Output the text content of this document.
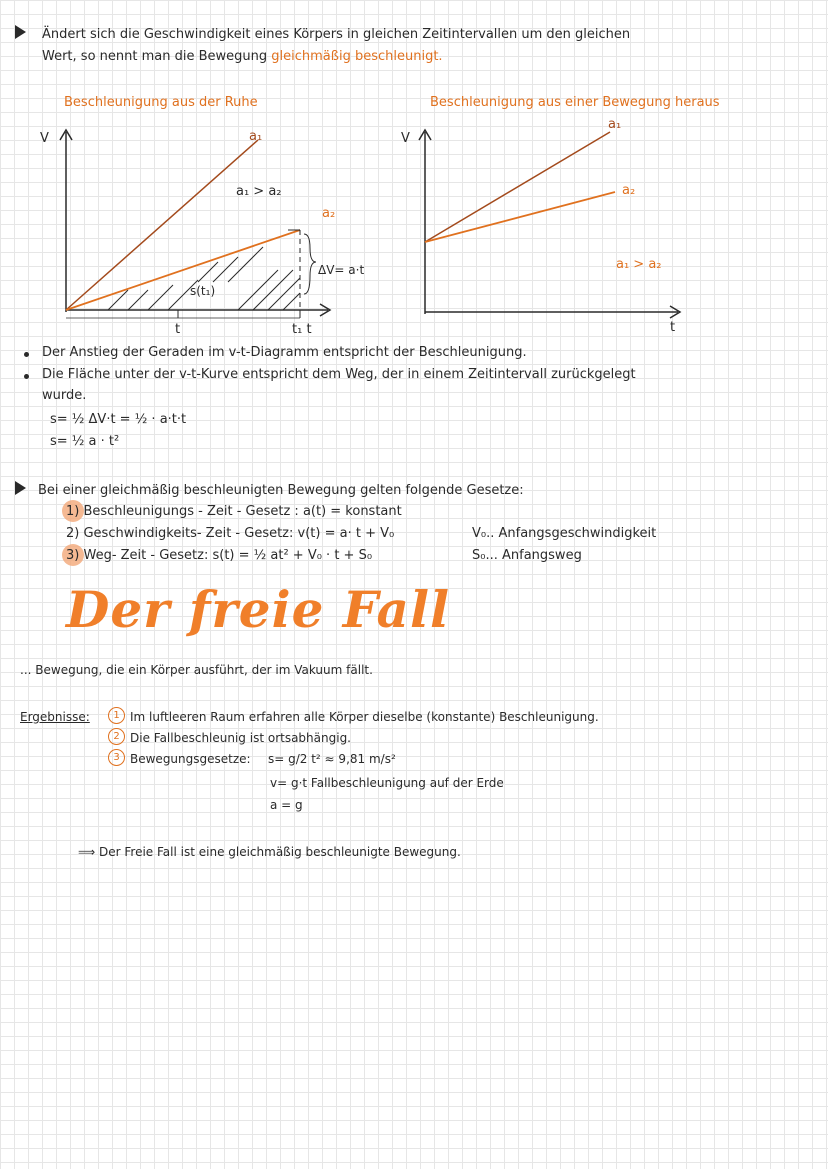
Ändert sich die Geschwindigkeit eines Körpers in gleichen Zeitintervallen um den gleichen
Wert, so nennt man die Bewegung gleichmäßig beschleunigt.
Beschleunigung aus der Ruhe
V	a₁
a₁ > a₂
a₂
ΔV= a·t
s(t₁)
t	t₁ t
Beschleunigung aus einer Bewegung heraus
V
a₁
a₂
a₁ > a₂
t
Der Anstieg der Geraden im v-t-Diagramm entspricht der Beschleunigung.
Die Fläche unter der v-t-Kurve entspricht dem Weg, der in einem Zeitintervall zurückgelegt
wurde.
s= ½ ΔV·t = ½ · a·t·t
s= ½ a · t²
Bei einer gleichmäßig beschleunigten Bewegung gelten folgende Gesetze:
1) Beschleunigungs - Zeit - Gesetz : a(t) = konstant
2) Geschwindigkeits- Zeit - Gesetz: v(t) = a· t + V₀
3) Weg- Zeit - Gesetz: s(t) = ½ at² + V₀ · t + S₀
V₀.. Anfangsgeschwindigkeit
S₀... Anfangsweg
Der freie Fall
... Bewegung, die ein Körper ausführt, der im Vakuum fällt.
Ergebnisse:	1 Im luftleeren Raum erfahren alle Körper dieselbe (konstante) Beschleunigung.
2 Die Fallbeschleunig ist ortsabhängig.
3 Bewegungsgesetze: s= g/2 t² ≈ 9,81 m/s²
v= g·t Fallbeschleunigung auf der Erde
a = g
⟹ Der Freie Fall ist eine gleichmäßig beschleunigte Bewegung.
